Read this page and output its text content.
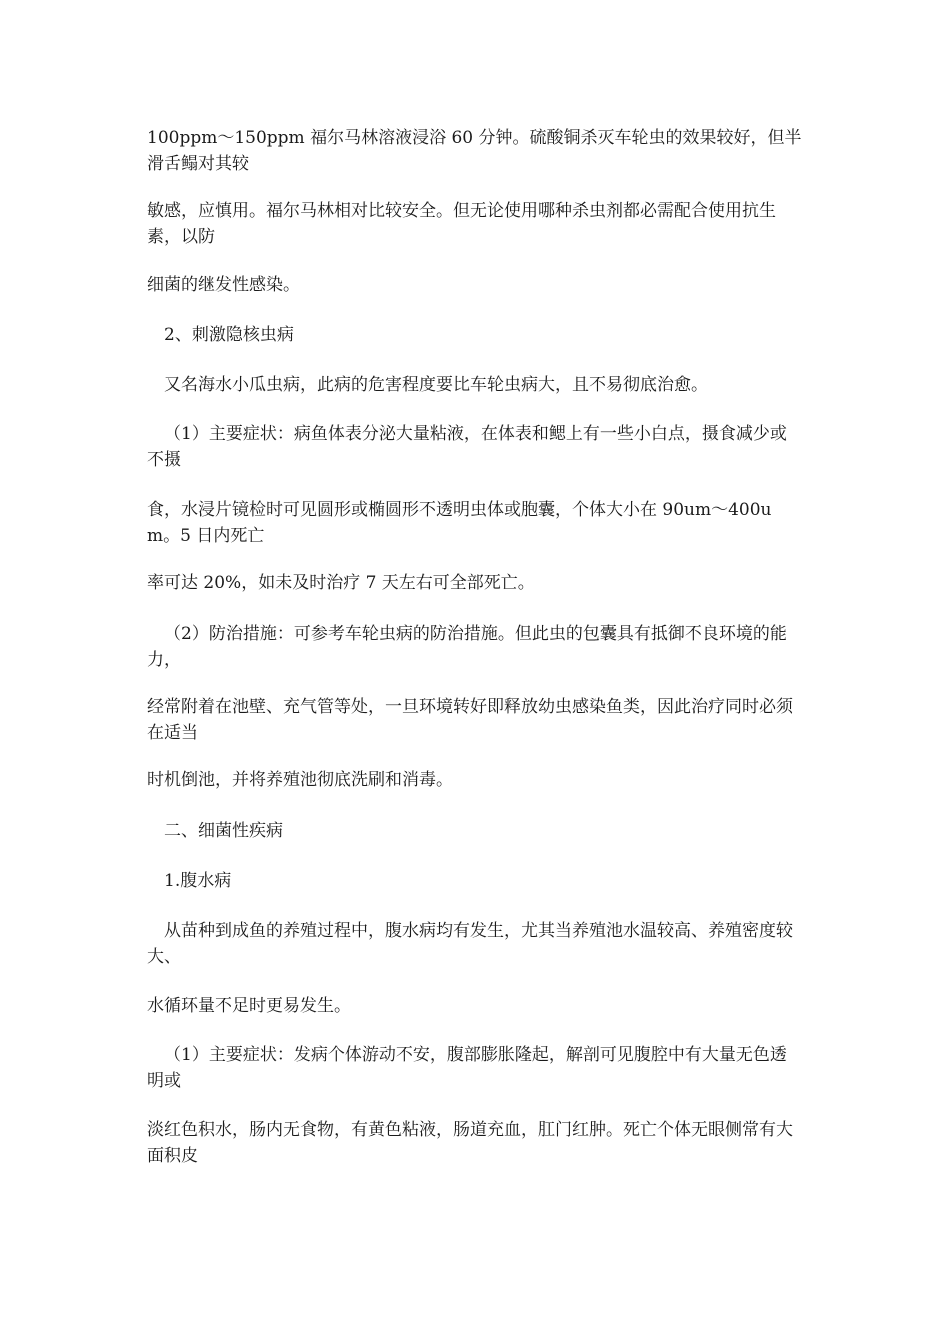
100ppm～150ppm 福尔马林溶液浸浴 60 分钟。硫酸铜杀灭车轮虫的效果较好，但半滑舌鳎对其较

敏感，应慎用。福尔马林相对比较安全。但无论使用哪种杀虫剂都必需配合使用抗生素，以防

细菌的继发性感染。

2、刺激隐核虫病

又名海水小瓜虫病，此病的危害程度要比车轮虫病大，且不易彻底治愈。

（1）主要症状：病鱼体表分泌大量粘液，在体表和鳃上有一些小白点，摄食减少或不摄

食，水浸片镜检时可见圆形或椭圆形不透明虫体或胞囊，个体大小在 90um～400um。5 日内死亡

率可达 20%，如未及时治疗 7 天左右可全部死亡。

（2）防治措施：可参考车轮虫病的防治措施。但此虫的包囊具有抵御不良环境的能力，

经常附着在池壁、充气管等处，一旦环境转好即释放幼虫感染鱼类，因此治疗同时必须在适当

时机倒池，并将养殖池彻底洗刷和消毒。

二、细菌性疾病

1.腹水病

从苗种到成鱼的养殖过程中，腹水病均有发生，尤其当养殖池水温较高、养殖密度较大、

水循环量不足时更易发生。

（1）主要症状：发病个体游动不安，腹部膨胀隆起，解剖可见腹腔中有大量无色透明或

淡红色积水，肠内无食物，有黄色粘液，肠道充血，肛门红肿。死亡个体无眼侧常有大面积皮
